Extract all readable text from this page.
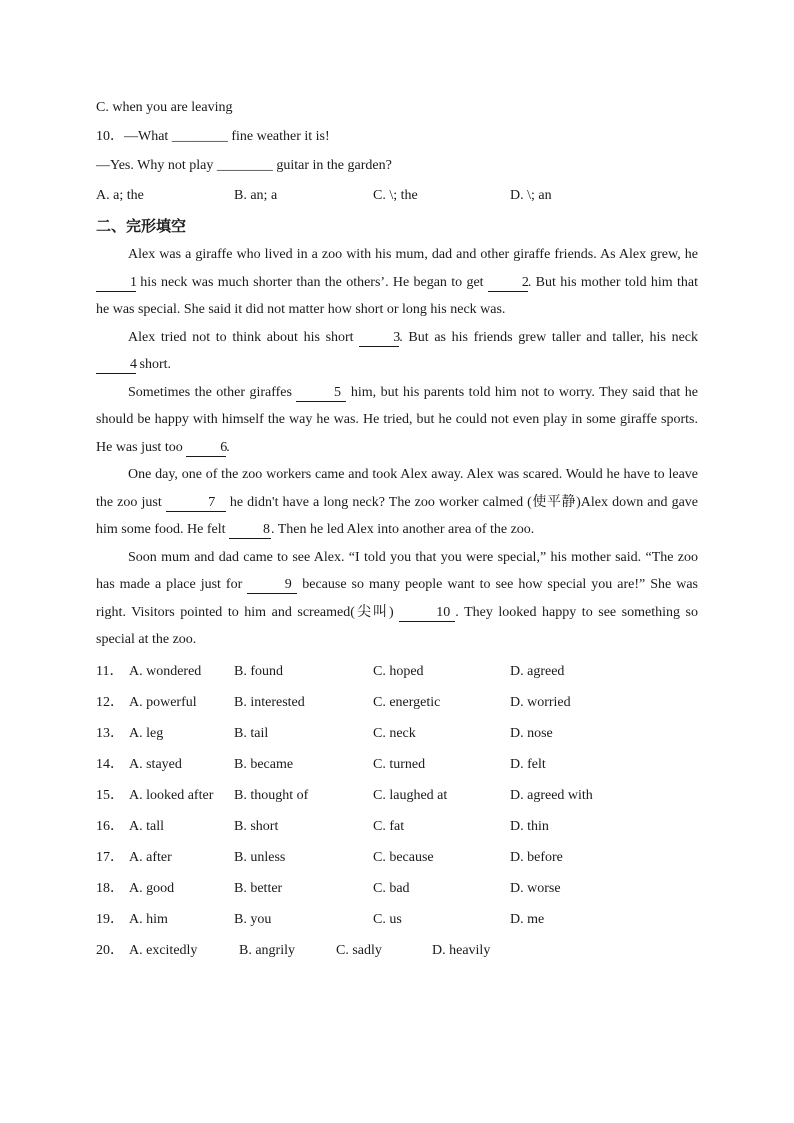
C. when you are leaving
10．—What ________ fine weather it is!
—Yes. Why not play ________ guitar in the garden?
A. a; the	B. an; a	C. \; the	D. \; an
二、完形填空

Alex was a giraffe who lived in a zoo with his mum, dad and other giraffe friends. As Alex grew, he 1 his neck was much shorter than the others’. He began to get 2. But his mother told him that he was special. She said it did not matter how short or long his neck was.

Alex tried not to think about his short 3. But as his friends grew taller and taller, his neck 4 short.

Sometimes the other giraffes	5 him, but his parents told him not to worry. They said that he should be happy with himself the way he was. He tried, but he could not even play in some giraffe sports. He was just too 6.

One day, one of the zoo workers came and took Alex away. Alex was scared. Would he have to leave the zoo just	7 he didn't have a long neck? The zoo worker calmed (使平静)Alex down and gave him some food. He felt 8. Then he led Alex into another area of the zoo.

Soon mum and dad came to see Alex. “I told you that you were special,” his mother said. “The zoo has made a place just for	9 because so many people want to see how special you are!” She was right. Visitors pointed to him and screamed(尖叫)	10 . They looked happy to see something so special at the zoo.

11． A. wondered B. found	C. hoped	D. agreed
12． A. powerful	B. interested	C. energetic	D. worried
13． A. leg	B. tail	C. neck	D. nose
14． A. stayed	B. became	C. turned	D. felt
15． A. looked after B. thought of	C. laughed at	D. agreed with
16． A. tall	B. short	C. fat	D. thin
17． A. after	B. unless	C. because	D. before
18． A. good	B. better	C. bad	D. worse
19． A. him	B. you	C. us	D. me
20． A. excitedly	B. angrily	C. sadly	D. heavily
